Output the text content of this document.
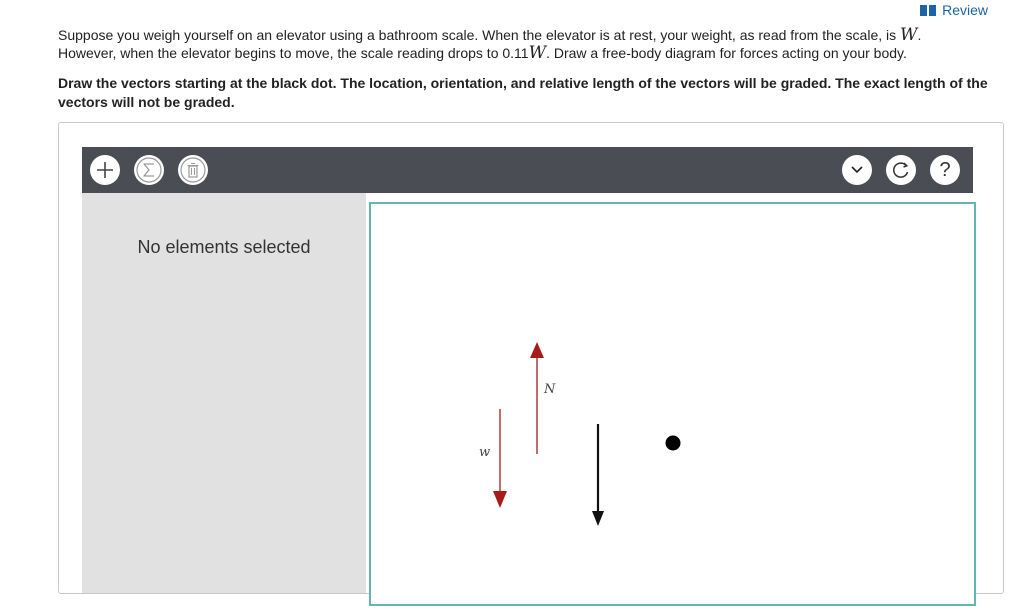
Review
Suppose you weigh yourself on an elevator using a bathroom scale. When the elevator is at rest, your weight, as read from the scale, is W.
However, when the elevator begins to move, the scale reading drops to 0.11W. Draw a free-body diagram for forces acting on your body.
Draw the vectors starting at the black dot. The location, orientation, and relative length of the vectors will be graded. The exact length of the vectors will not be graded.
?
No elements selected
w
N
